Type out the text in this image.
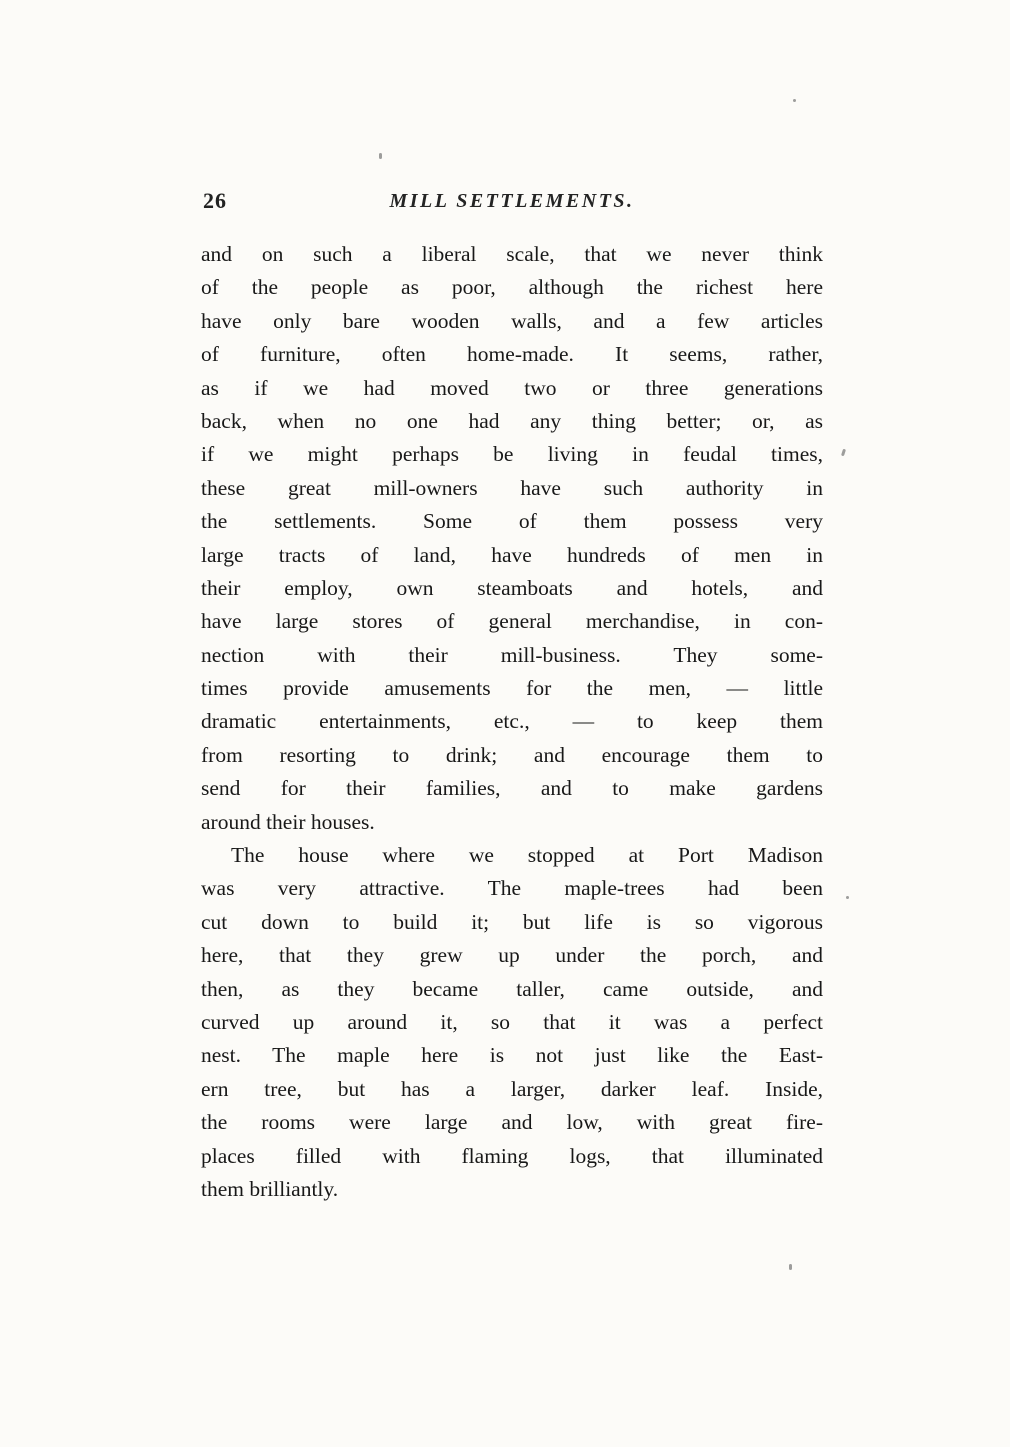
26	MILL SETTLEMENTS.
and on such a liberal scale, that we never think
of the people as poor, although the richest here
have only bare wooden walls, and a few articles
of furniture, often home-made. It seems, rather,
as if we had moved two or three generations
back, when no one had any thing better; or, as
if we might perhaps be living in feudal times,
these great mill-owners have such authority in
the settlements. Some of them possess very
large tracts of land, have hundreds of men in
their employ, own steamboats and hotels, and
have large stores of general merchandise, in con-
nection with their mill-business. They some-
times provide amusements for the men, — little
dramatic entertainments, etc., — to keep them
from resorting to drink; and encourage them to
send for their families, and to make gardens
around their houses.
The house where we stopped at Port Madison
was very attractive. The maple-trees had been
cut down to build it; but life is so vigorous
here, that they grew up under the porch, and
then, as they became taller, came outside, and
curved up around it, so that it was a perfect
nest. The maple here is not just like the East-
ern tree, but has a larger, darker leaf. Inside,
the rooms were large and low, with great fire-
places filled with flaming logs, that illuminated
them brilliantly.
